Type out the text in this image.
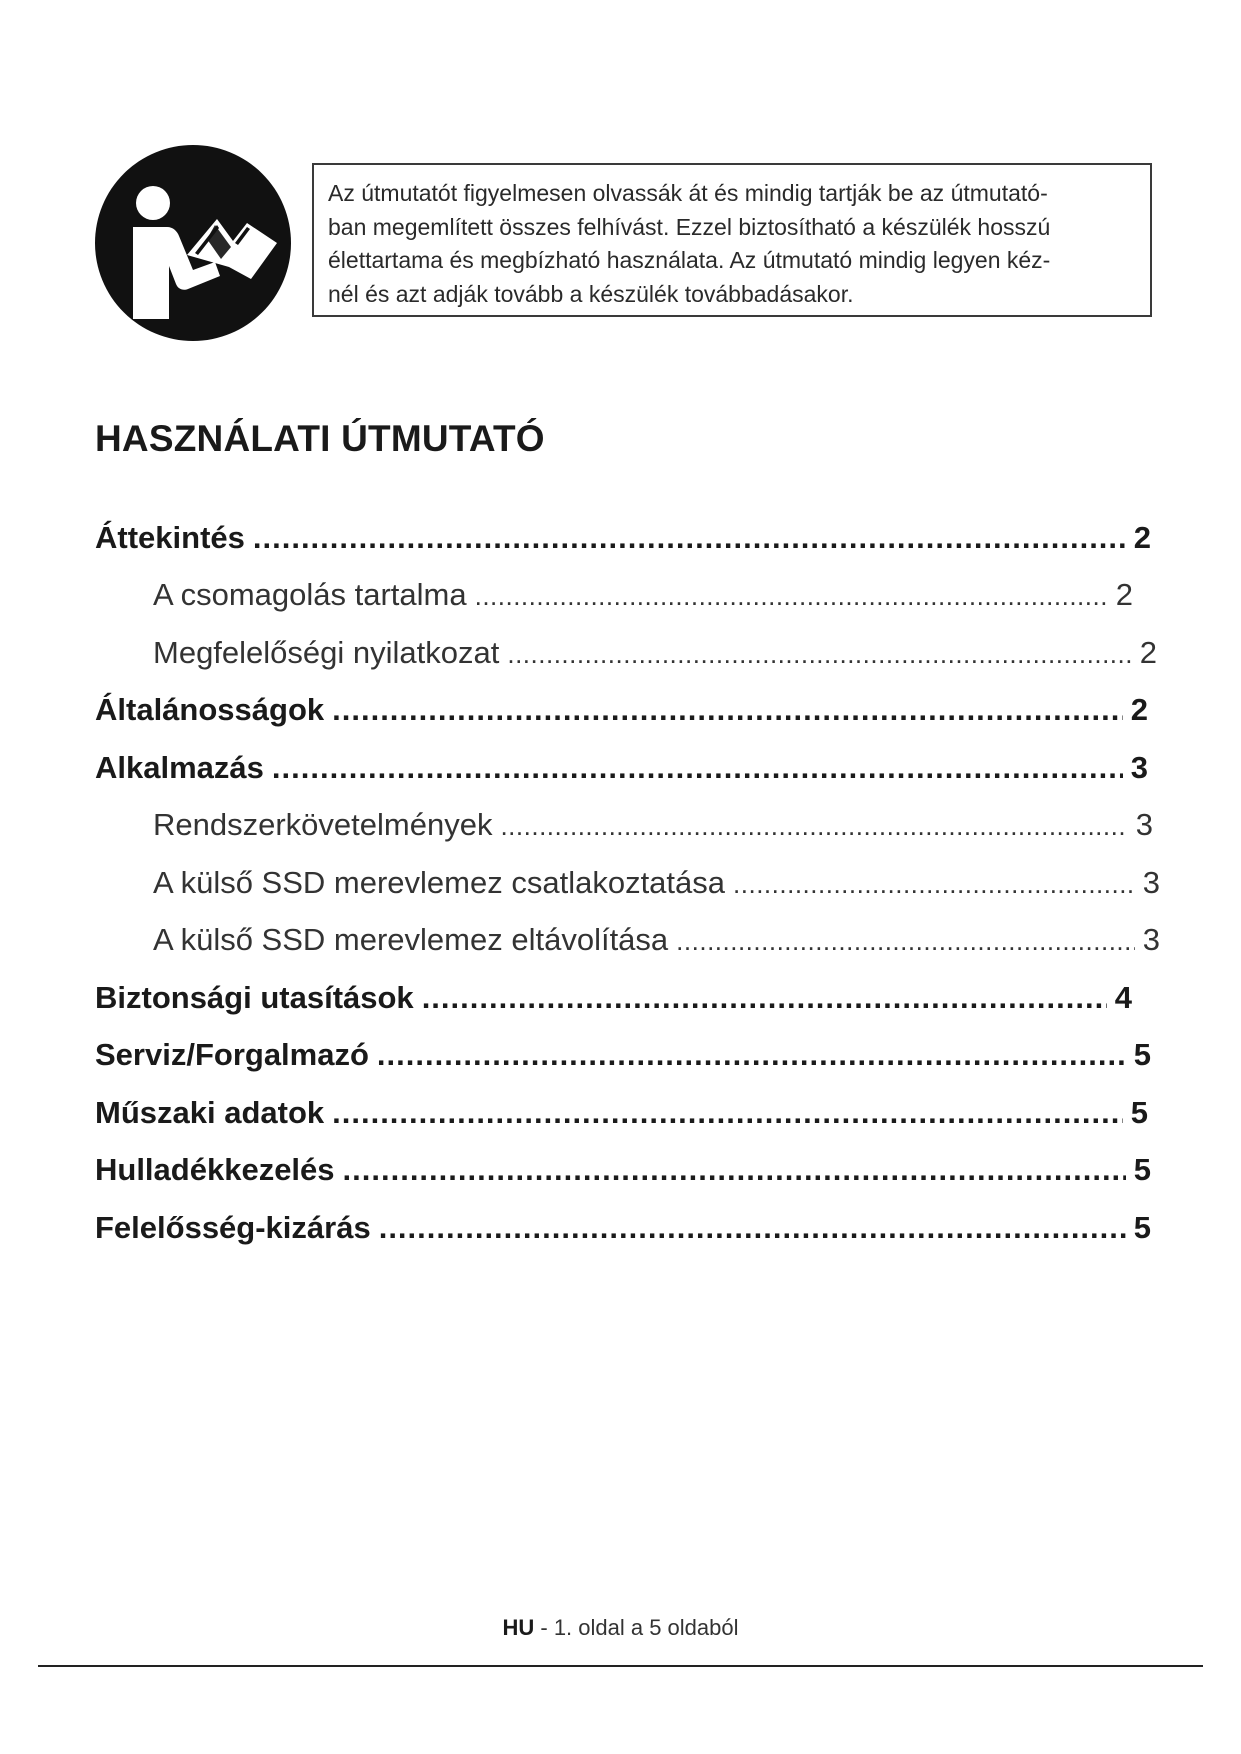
Az útmutatót figyelmesen olvassák át és mindig tartják be az útmutató-
ban megemlített összes felhívást. Ezzel biztosítható a készülék hosszú
élettartama és megbízható használata. Az útmutató mindig legyen kéz-
nél és azt adják tovább a készülék továbbadásakor.
HASZNÁLATI ÚTMUTATÓ
Áttekintés .....	2
A csomagolás tartalma .....	2
Megfelelőségi nyilatkozat .....	2
Általánosságok .....	2
Alkalmazás .....	3
Rendszerkövetelmények .....	3
A külső SSD merevlemez csatlakoztatása .....	3
A külső SSD merevlemez eltávolítása .....	3
Biztonsági utasítások .....	4
Serviz/Forgalmazó .....	5
Műszaki adatok .....	5
Hulladékkezelés .....	5
Felelősség-kizárás .....	5
HU - 1. oldal a 5 oldaból
